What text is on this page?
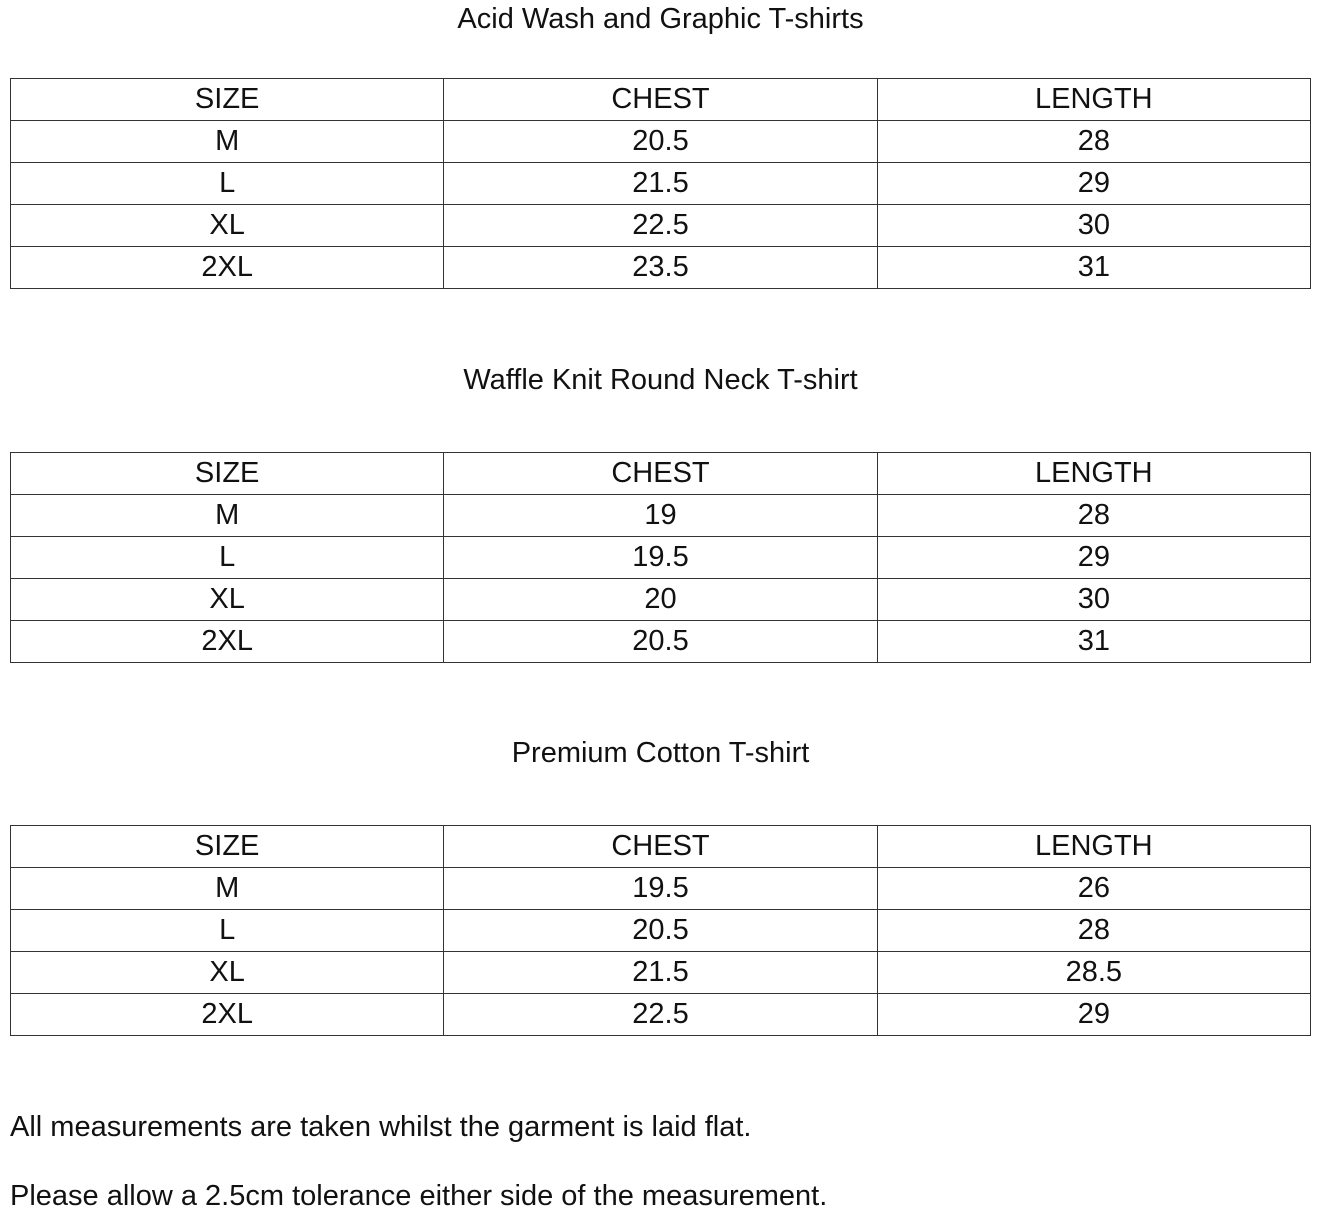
Acid Wash and Graphic T-shirts
SIZE	CHEST	LENGTH
M	20.5	28
L	21.5	29
XL	22.5	30
2XL	23.5	31
Waffle Knit Round Neck T-shirt
SIZE	CHEST	LENGTH
M	19	28
L	19.5	29
XL	20	30
2XL	20.5	31
Premium Cotton T-shirt
SIZE	CHEST	LENGTH
M	19.5	26
L	20.5	28
XL	21.5	28.5
2XL	22.5	29

All measurements are taken whilst the garment is laid flat.

Please allow a 2.5cm tolerance either side of the measurement.
